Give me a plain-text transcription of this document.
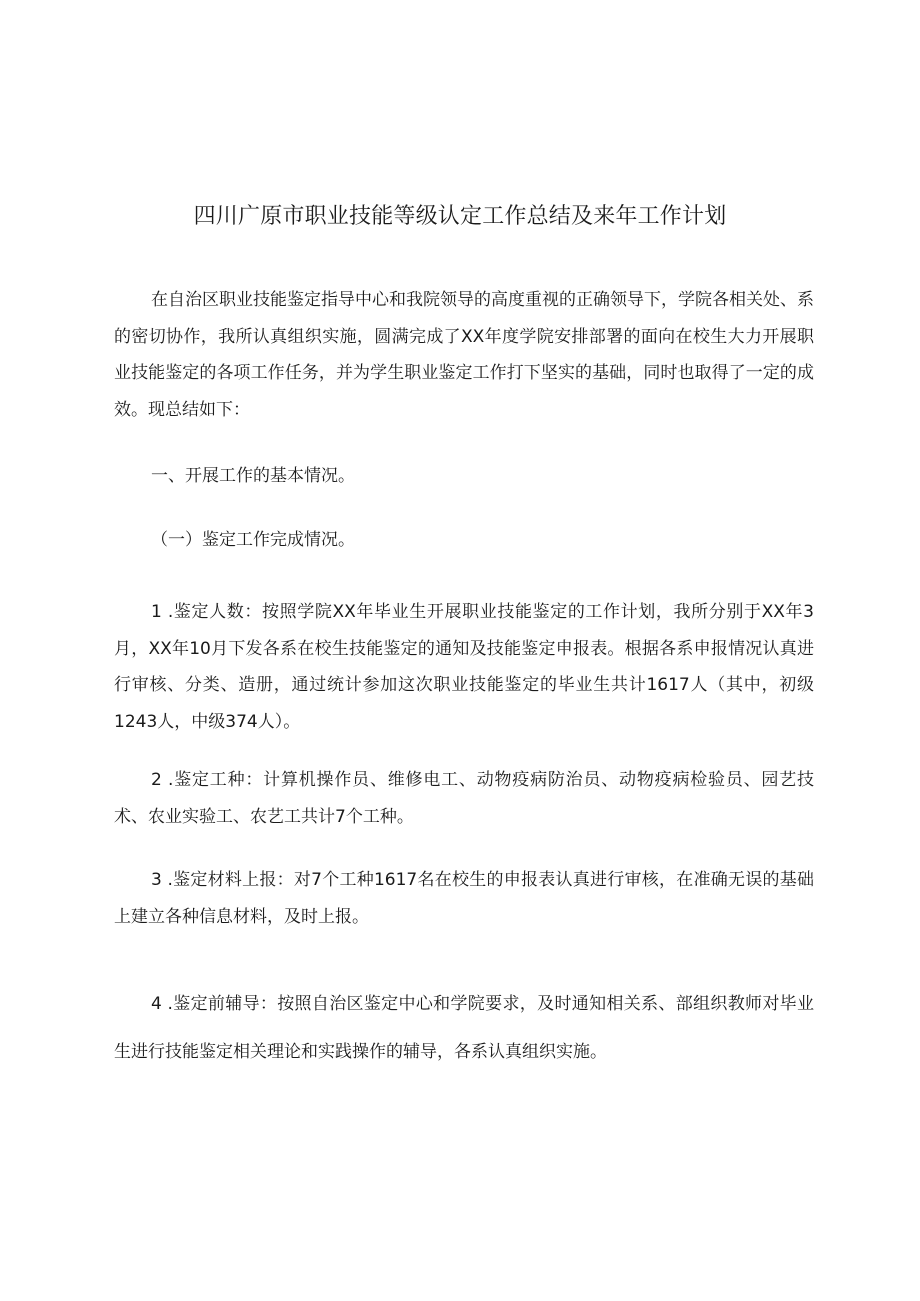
四川广原市职业技能等级认定工作总结及来年工作计划

在自治区职业技能鉴定指导中心和我院领导的高度重视的正确领导下，学院各相关处、系的密切协作，我所认真组织实施，圆满完成了XX年度学院安排部署的面向在校生大力开展职业技能鉴定的各项工作任务，并为学生职业鉴定工作打下坚实的基础，同时也取得了一定的成效。现总结如下：

一、开展工作的基本情况。

（一）鉴定工作完成情况。

1 .鉴定人数：按照学院XX年毕业生开展职业技能鉴定的工作计划，我所分别于XX年3月，XX年10月下发各系在校生技能鉴定的通知及技能鉴定申报表。根据各系申报情况认真进行审核、分类、造册，通过统计参加这次职业技能鉴定的毕业生共计1617人（其中，初级1243人，中级374人）。

2 .鉴定工种：计算机操作员、维修电工、动物疫病防治员、动物疫病检验员、园艺技术、农业实验工、农艺工共计7个工种。

3 .鉴定材料上报：对7个工种1617名在校生的申报表认真进行审核，在准确无误的基础上建立各种信息材料，及时上报。

4 .鉴定前辅导：按照自治区鉴定中心和学院要求，及时通知相关系、部组织教师对毕业生进行技能鉴定相关理论和实践操作的辅导，各系认真组织实施。
